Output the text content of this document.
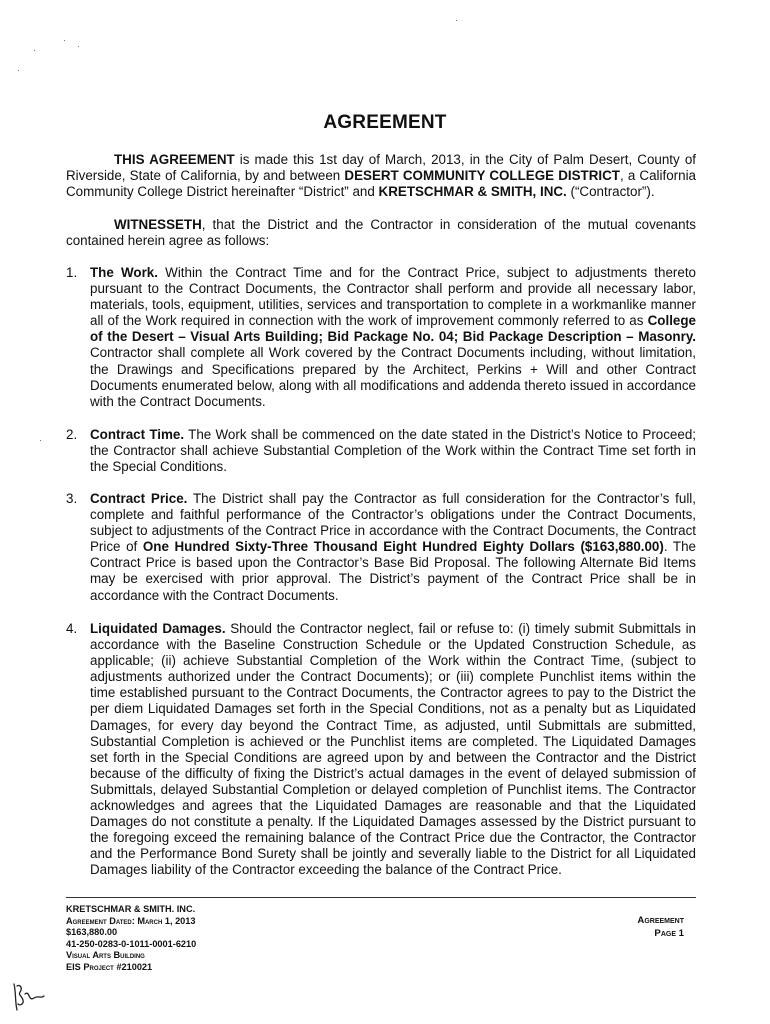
AGREEMENT

THIS AGREEMENT is made this 1st day of March, 2013, in the City of Palm Desert, County of Riverside, State of California, by and between DESERT COMMUNITY COLLEGE DISTRICT, a California Community College District hereinafter “District” and KRETSCHMAR & SMITH, INC. (“Contractor”).

WITNESSETH, that the District and the Contractor in consideration of the mutual covenants contained herein agree as follows:

1. The Work. Within the Contract Time and for the Contract Price, subject to adjustments thereto pursuant to the Contract Documents, the Contractor shall perform and provide all necessary labor, materials, tools, equipment, utilities, services and transportation to complete in a workmanlike manner all of the Work required in connection with the work of improvement commonly referred to as College of the Desert – Visual Arts Building; Bid Package No. 04; Bid Package Description – Masonry. Contractor shall complete all Work covered by the Contract Documents including, without limitation, the Drawings and Specifications prepared by the Architect, Perkins + Will and other Contract Documents enumerated below, along with all modifications and addenda thereto issued in accordance with the Contract Documents.
2. Contract Time. The Work shall be commenced on the date stated in the District’s Notice to Proceed; the Contractor shall achieve Substantial Completion of the Work within the Contract Time set forth in the Special Conditions.
3. Contract Price. The District shall pay the Contractor as full consideration for the Contractor’s full, complete and faithful performance of the Contractor’s obligations under the Contract Documents, subject to adjustments of the Contract Price in accordance with the Contract Documents, the Contract Price of One Hundred Sixty-Three Thousand Eight Hundred Eighty Dollars ($163,880.00). The Contract Price is based upon the Contractor’s Base Bid Proposal. The following Alternate Bid Items may be exercised with prior approval. The District’s payment of the Contract Price shall be in accordance with the Contract Documents.
4. Liquidated Damages. Should the Contractor neglect, fail or refuse to: (i) timely submit Submittals in accordance with the Baseline Construction Schedule or the Updated Construction Schedule, as applicable; (ii) achieve Substantial Completion of the Work within the Contract Time, (subject to adjustments authorized under the Contract Documents); or (iii) complete Punchlist items within the time established pursuant to the Contract Documents, the Contractor agrees to pay to the District the per diem Liquidated Damages set forth in the Special Conditions, not as a penalty but as Liquidated Damages, for every day beyond the Contract Time, as adjusted, until Submittals are submitted, Substantial Completion is achieved or the Punchlist items are completed. The Liquidated Damages set forth in the Special Conditions are agreed upon by and between the Contractor and the District because of the difficulty of fixing the District’s actual damages in the event of delayed submission of Submittals, delayed Substantial Completion or delayed completion of Punchlist items. The Contractor acknowledges and agrees that the Liquidated Damages are reasonable and that the Liquidated Damages do not constitute a penalty. If the Liquidated Damages assessed by the District pursuant to the foregoing exceed the remaining balance of the Contract Price due the Contractor, the Contractor and the Performance Bond Surety shall be jointly and severally liable to the District for all Liquidated Damages liability of the Contractor exceeding the balance of the Contract Price.
KRETSCHMAR & SMITH. INC.
Agreement Dated: March 1, 2013
$163,880.00
41-250-0283-0-1011-0001-6210
Visual Arts Building
EIS Project #210021
Agreement
Page 1
